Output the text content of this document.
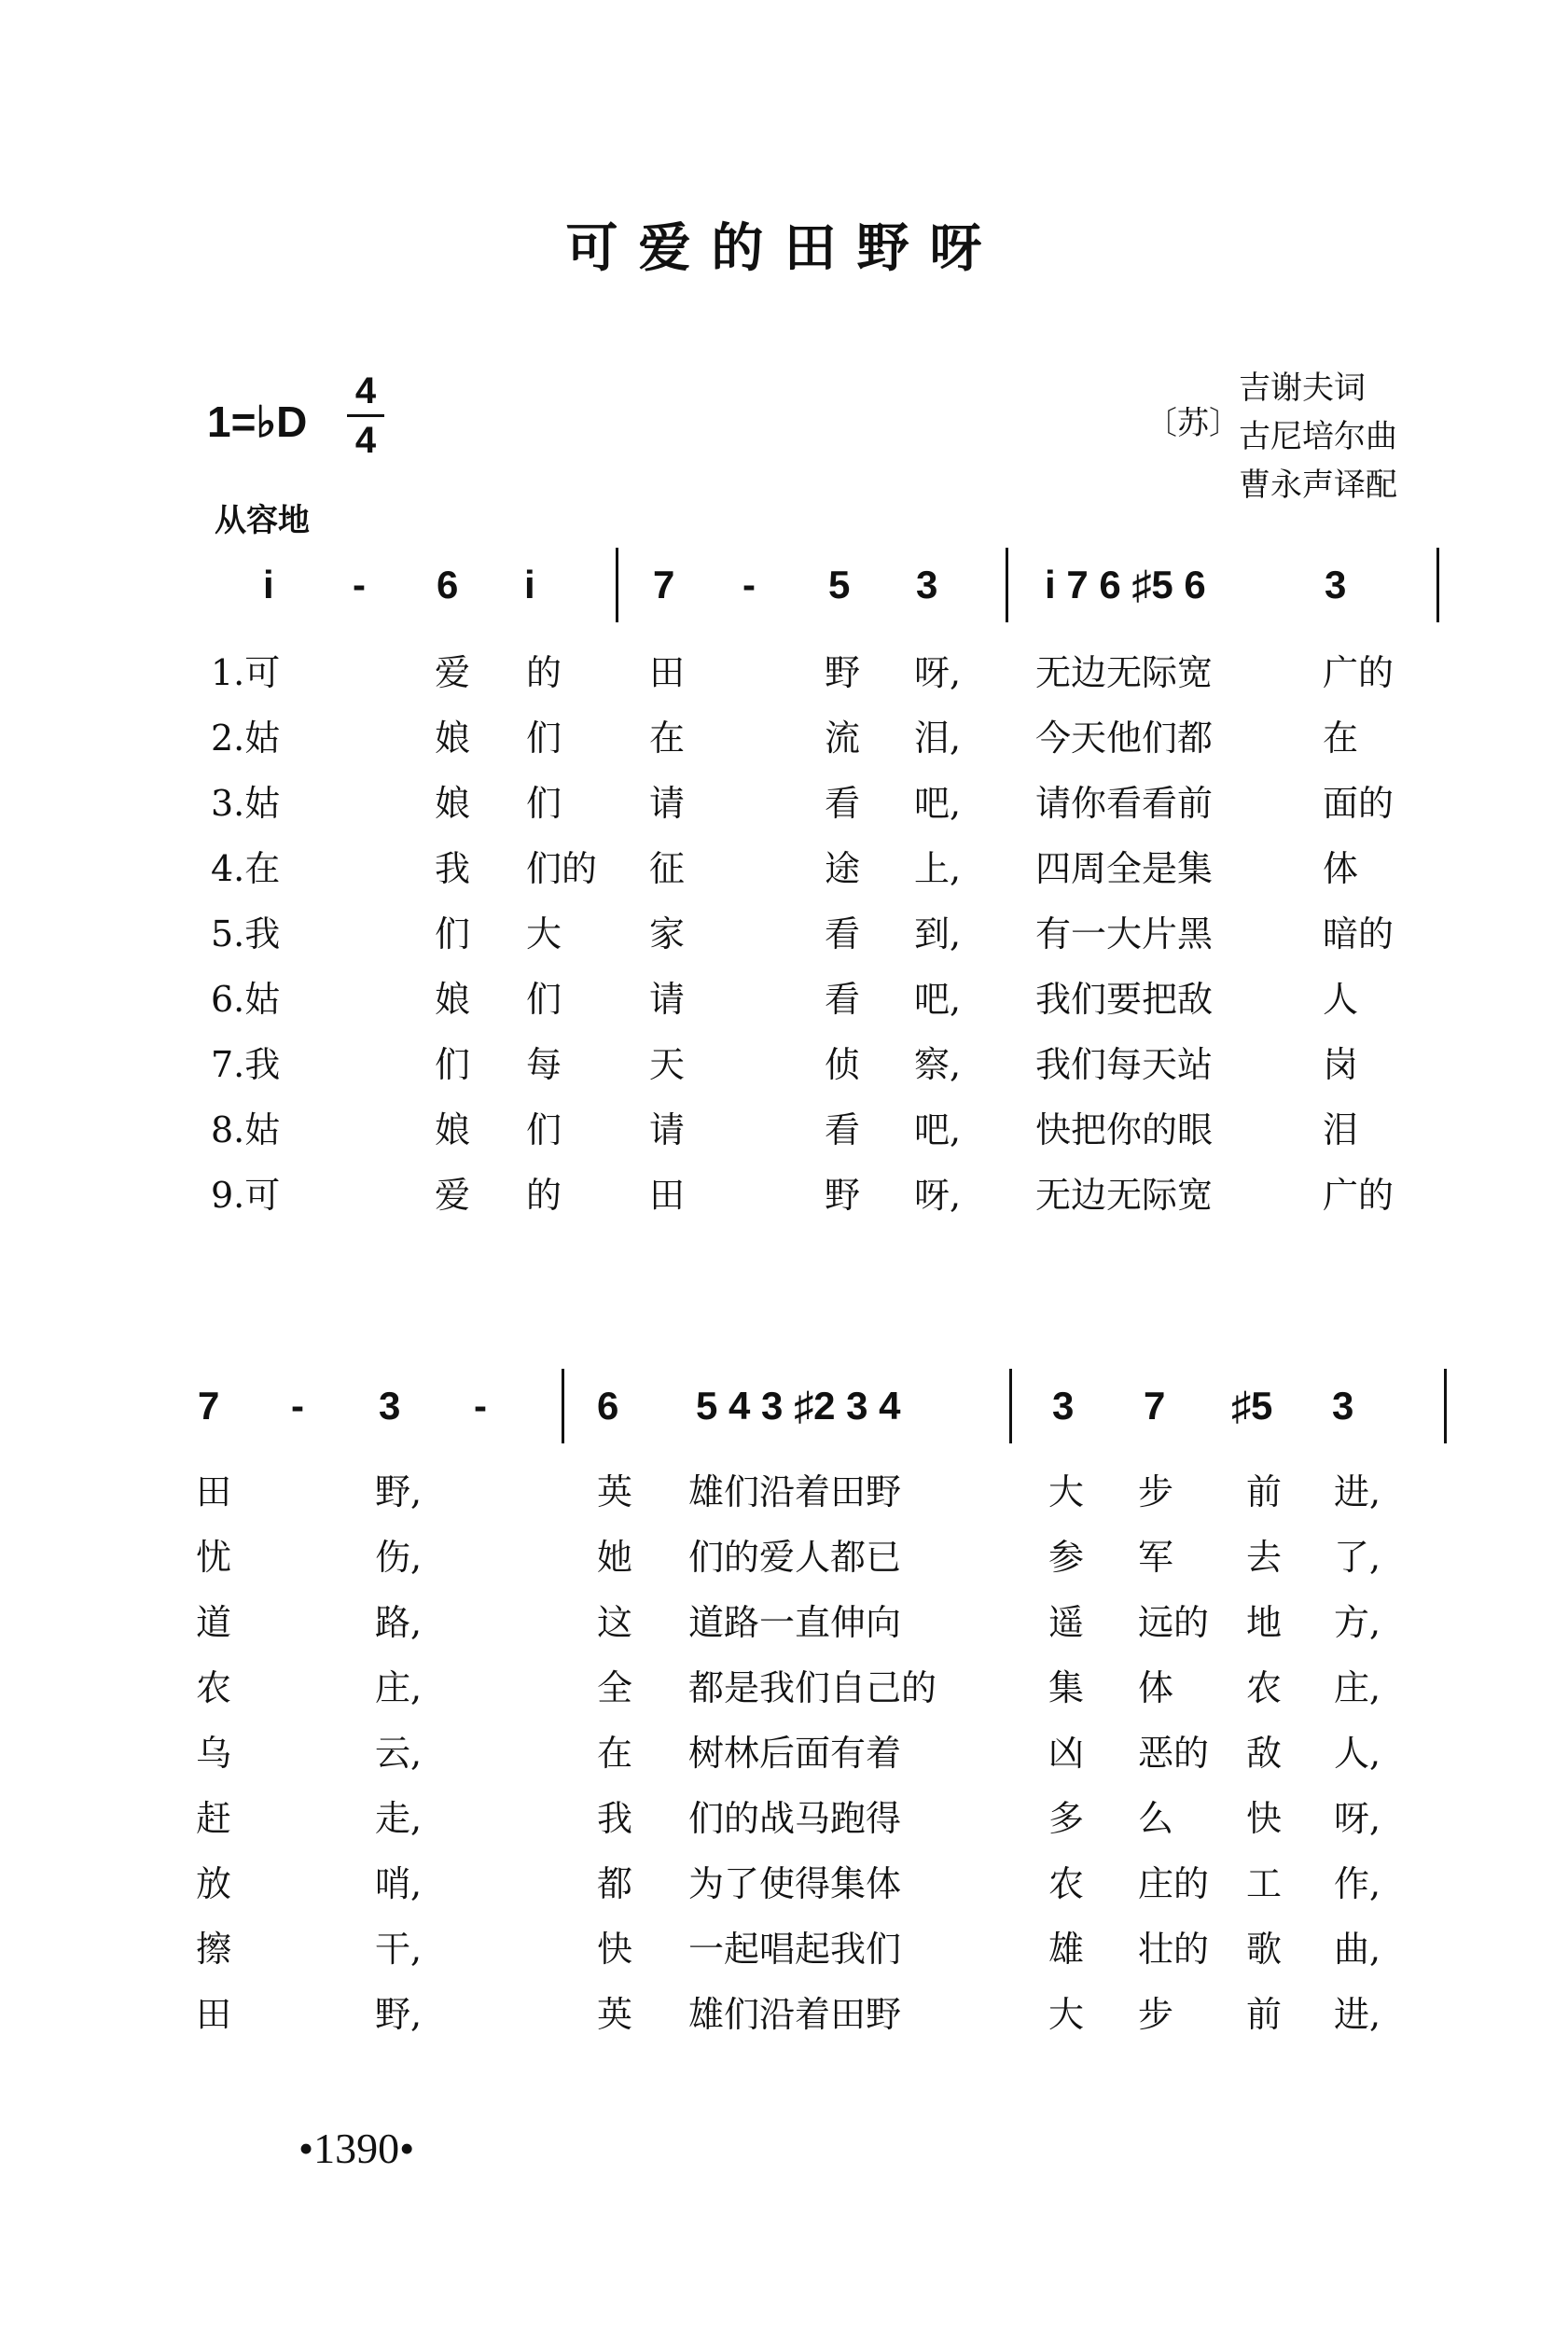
可爱的田野呀
1=♭D
4
4	〔苏〕
吉谢夫词
古尼培尔曲
曹永声译配
从容地
i - 6 i	7 - 5 3	i 7 6 ♯5 6	3
1.可	爱 的 田	野 呀, 无边无际宽	广的
2.姑	娘 们 在	流 泪, 今天他们都	在
3.姑	娘 们 请	看 吧, 请你看看前	面的
4.在	我 们的 征	途 上, 四周全是集	体
5.我	们 大 家	看 到, 有一大片黑	暗的
6.姑	娘 们 请	看 吧, 我们要把敌	人
7.我	们 每 天	侦 察, 我们每天站	岗
8.姑	娘 们 请	看 吧, 快把你的眼	泪
9.可	爱 的 田	野 呀, 无边无际宽	广的
7 - 3 -	6 5 4 3 ♯2 3 4	3 7 ♯5 3
田	野,	英 雄们沿着田野	大 步 前 进,
忧	伤,	她 们的爱人都已	参 军 去 了,
道	路,	这 道路一直伸向	遥 远的 地 方,
农	庄,	全 都是我们自己的	集 体 农 庄,
乌	云,	在 树林后面有着	凶 恶的 敌 人,
赶	走,	我 们的战马跑得	多 么 快 呀,
放	哨,	都 为了使得集体	农 庄的 工 作,
擦	干,	快 一起唱起我们	雄 壮的 歌 曲,
田	野,	英 雄们沿着田野	大 步 前 进,
•1390•
